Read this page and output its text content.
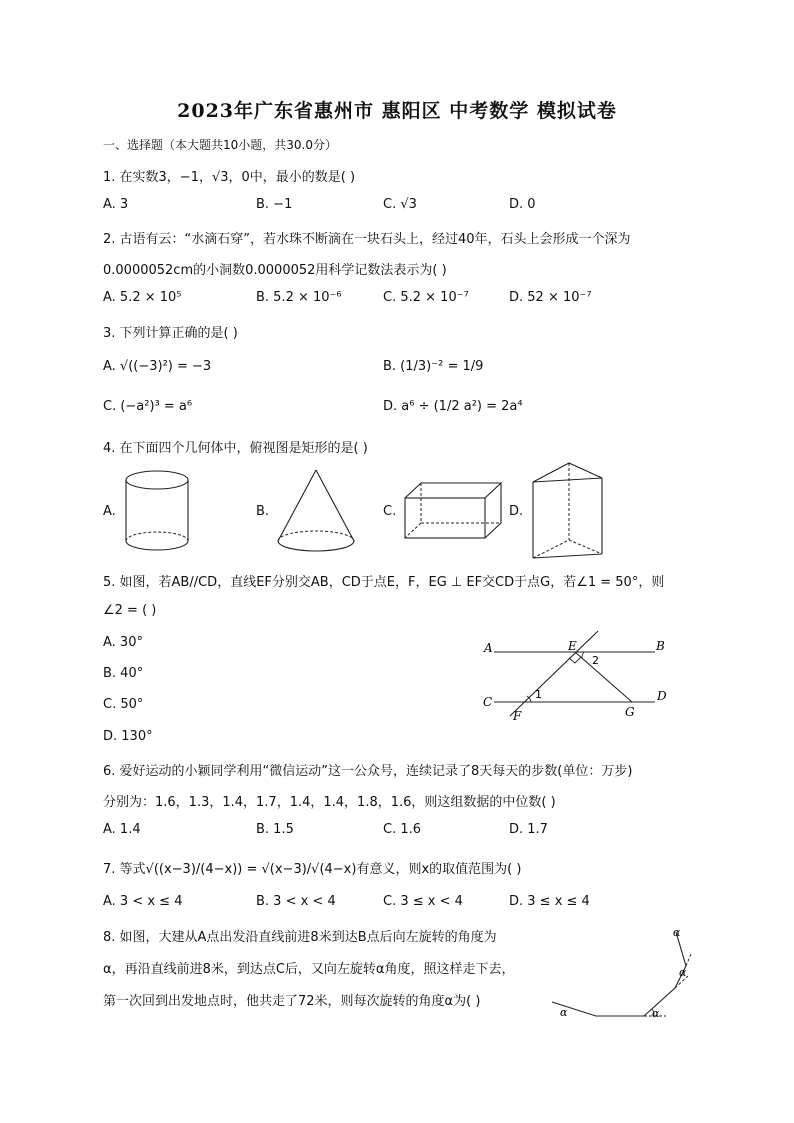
2023年广东省惠州市 惠阳区 中考数学 模拟试卷
一、选择题（本大题共10小题，共30.0分）
1. 在实数3，−1，√3，0中，最小的数是( )
A. 3	B. −1	C. √3	D. 0
2. 古语有云：“水滴石穿”，若水珠不断滴在一块石头上，经过40年，石头上会形成一个深为
0.0000052cm的小洞数0.0000052用科学记数法表示为( )
A. 5.2 × 10⁵	B. 5.2 × 10⁻⁶	C. 5.2 × 10⁻⁷	D. 52 × 10⁻⁷
3. 下列计算正确的是( )
A. √((−3)²) = −3	B. (1/3)⁻² = 1/9
C. (−a²)³ = a⁶	D. a⁶ ÷ (1/2 a²) = 2a⁴
4. 在下面四个几何体中，俯视图是矩形的是( )
A.	B.	C.	D.
5. 如图，若AB//CD，直线EF分别交AB，CD于点E，F，EG ⊥ EF交CD于点G，若∠1 = 50°，则
∠2 = ( )
A. 30°
B. 40°
C. 50°
D. 130°
A	B
C	D
E
F	G
1
2
6. 爱好运动的小颖同学利用“微信运动”这一公众号，连续记录了8天每天的步数(单位：万步)
分别为：1.6，1.3，1.4，1.7，1.4，1.4，1.8，1.6，则这组数据的中位数( )
A. 1.4	B. 1.5	C. 1.6	D. 1.7
7. 等式√((x−3)/(4−x)) = √(x−3)/√(4−x)有意义，则x的取值范围为( )
A. 3 < x ≤ 4	B. 3 < x < 4	C. 3 ≤ x < 4	D. 3 ≤ x ≤ 4
8. 如图，大建从A点出发沿直线前进8米到达B点后向左旋转的角度为
α，再沿直线前进8米，到达点C后，又向左旋转α角度，照这样走下去，
第一次回到出发地点时，他共走了72米，则每次旋转的角度α为( )
α	α
α
α
